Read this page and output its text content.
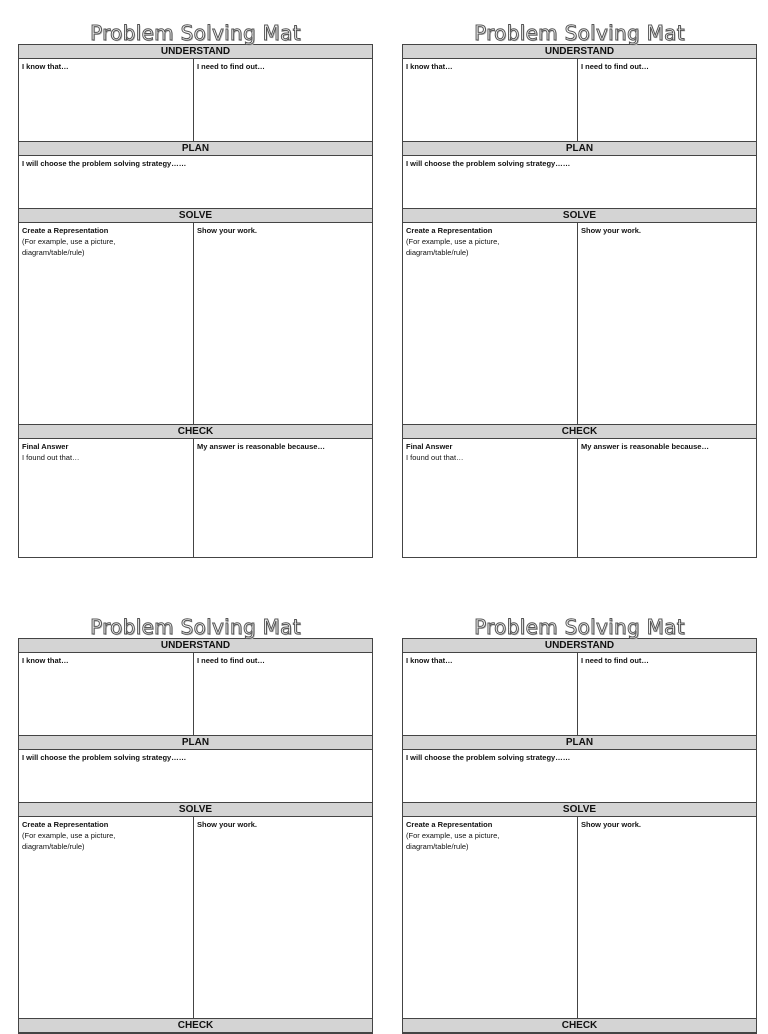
Problem Solving Mat
UNDERSTAND
I know that…	I need to find out…
PLAN
I will choose the problem solving strategy……
SOLVE
Create a Representation
(For example, use a picture,
diagram/table/rule)
Show your work.
CHECK
Final Answer
I found out that…
My answer is reasonable because…
Problem Solving Mat
UNDERSTAND
I know that…	I need to find out…
PLAN
I will choose the problem solving strategy……
SOLVE
Create a Representation
(For example, use a picture,
diagram/table/rule)
Show your work.
CHECK
Final Answer
I found out that…
My answer is reasonable because…
Problem Solving Mat
UNDERSTAND
I know that…	I need to find out…
PLAN
I will choose the problem solving strategy……
SOLVE
Create a Representation
(For example, use a picture,
diagram/table/rule)
Show your work.
CHECK
Problem Solving Mat
UNDERSTAND
I know that…	I need to find out…
PLAN
I will choose the problem solving strategy……
SOLVE
Create a Representation
(For example, use a picture,
diagram/table/rule)
Show your work.
CHECK
